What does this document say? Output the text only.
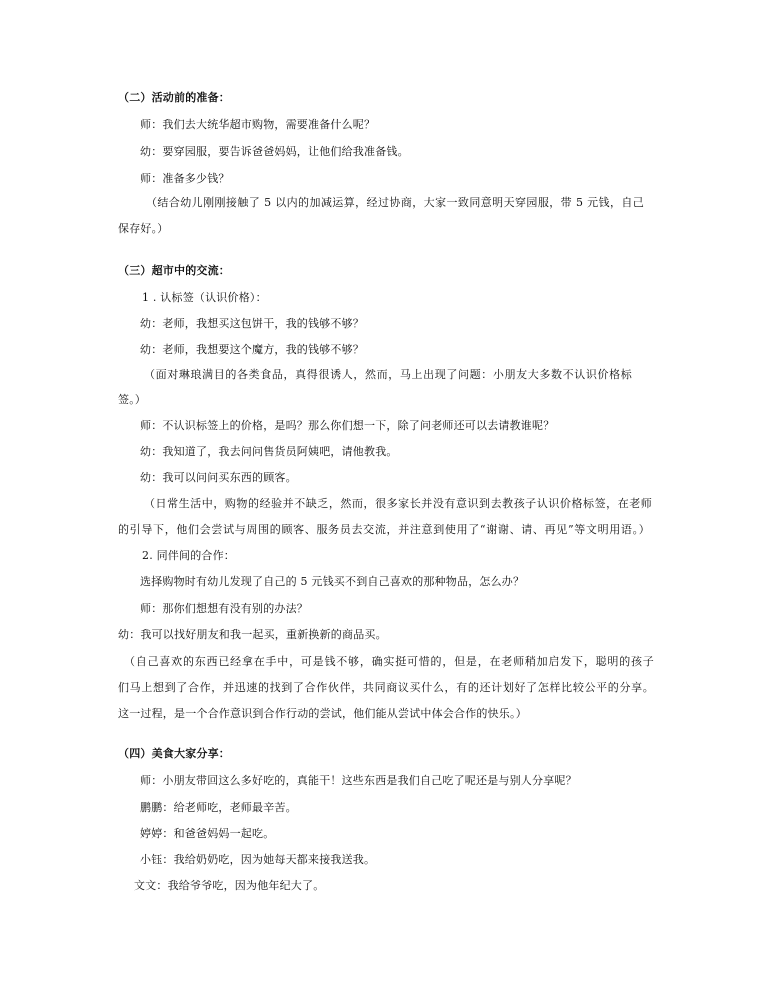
（二）活动前的准备：
师：我们去大统华超市购物，需要准备什么呢？
幼：要穿园服，要告诉爸爸妈妈，让他们给我准备钱。
师：准备多少钱？
（结合幼儿刚刚接触了 5 以内的加减运算，经过协商，大家一致同意明天穿园服，带 5 元钱，自己
保存好。）
（三）超市中的交流：
1 . 认标签（认识价格）：
幼：老师，我想买这包饼干，我的钱够不够？
幼：老师，我想要这个魔方，我的钱够不够？
（面对琳琅满目的各类食品，真得很诱人，然而，马上出现了问题：小朋友大多数不认识价格标
签。）
师：不认识标签上的价格，是吗？那么你们想一下，除了问老师还可以去请教谁呢？
幼：我知道了，我去问问售货员阿姨吧，请他教我。
幼：我可以问问买东西的顾客。
（日常生活中，购物的经验并不缺乏，然而，很多家长并没有意识到去教孩子认识价格标签，在老师
的引导下，他们会尝试与周围的顾客、服务员去交流，并注意到使用了“谢谢、请、再见”等文明用语。）
2. 同伴间的合作：
选择购物时有幼儿发现了自己的 5 元钱买不到自己喜欢的那种物品，怎么办？
师：那你们想想有没有别的办法？
幼：我可以找好朋友和我一起买，重新换新的商品买。
（自己喜欢的东西已经拿在手中，可是钱不够，确实挺可惜的，但是，在老师稍加启发下，聪明的孩子
们马上想到了合作，并迅速的找到了合作伙伴，共同商议买什么，有的还计划好了怎样比较公平的分享。
这一过程，是一个合作意识到合作行动的尝试，他们能从尝试中体会合作的快乐。）
（四）美食大家分享：
师：小朋友带回这么多好吃的，真能干！这些东西是我们自己吃了呢还是与别人分享呢？
鹏鹏：给老师吃，老师最辛苦。
婷婷：和爸爸妈妈一起吃。
小钰：我给奶奶吃，因为她每天都来接我送我。
文文：我给爷爷吃，因为他年纪大了。
